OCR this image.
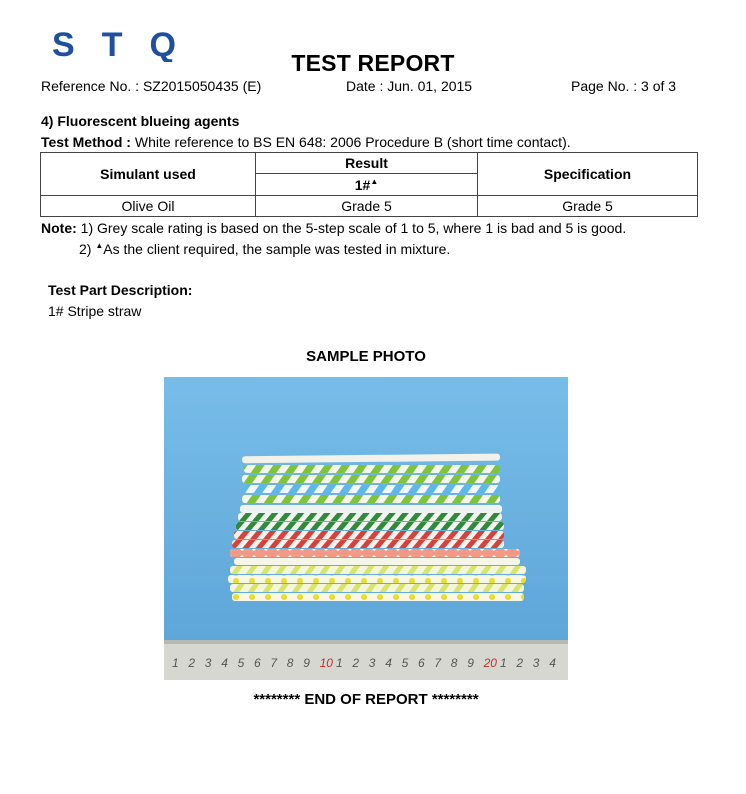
STQ	TEST REPORT
Reference No. : SZ2015050435 (E)	Date : Jun. 01, 2015	Page No. : 3 of 3
4) Fluorescent blueing agents
Test Method : White reference to BS EN 648: 2006 Procedure B (short time contact).
Simulant used	Result	Specification
	1#▲
Olive Oil	Grade 5	Grade 5
Note: 1) Grey scale rating is based on the 5-step scale of 1 to 5, where 1 is bad and 5 is good.
2) ▲As the client required, the sample was tested in mixture.
Test Part Description:
1# Stripe straw
SAMPLE PHOTO
1 2 3 4 5 6 7 8 9 10 1 2 3 4 5 6 7 8 9 20 1 2 3 4
******** END OF REPORT ********
